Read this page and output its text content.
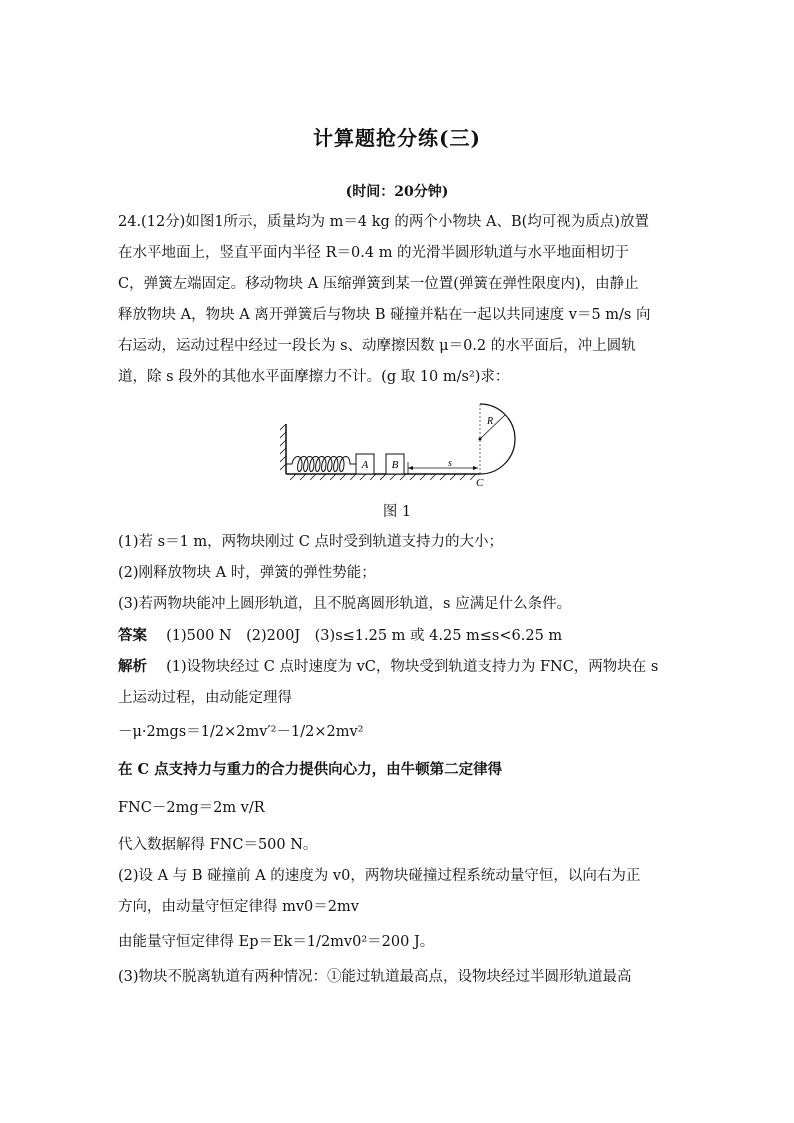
计算题抢分练(三)
(时间：20分钟)
24.(12分)如图1所示，质量均为 m＝4 kg 的两个小物块 A、B(均可视为质点)放置
在水平地面上，竖直平面内半径 R＝0.4 m 的光滑半圆形轨道与水平地面相切于
C，弹簧左端固定。移动物块 A 压缩弹簧到某一位置(弹簧在弹性限度内)，由静止
释放物块 A，物块 A 离开弹簧后与物块 B 碰撞并粘在一起以共同速度 v＝5 m/s 向
右运动，运动过程中经过一段长为 s、动摩擦因数 μ＝0.2 的水平面后，冲上圆轨
道，除 s 段外的其他水平面摩擦力不计。(g 取 10 m/s²)求：
A B	s
R
C
图 1
(1)若 s＝1 m，两物块刚过 C 点时受到轨道支持力的大小；
(2)刚释放物块 A 时，弹簧的弹性势能；
(3)若两物块能冲上圆形轨道，且不脱离圆形轨道，s 应满足什么条件。
答案　 (1)500 N　(2)200J　(3)s≤1.25 m 或 4.25 m≤s<6.25 m
解析　 (1)设物块经过 C 点时速度为 vC，物块受到轨道支持力为 FNC，两物块在 s
上运动过程，由动能定理得
－μ·2mgs＝1/2×2mv′²－1/2×2mv²
在 C 点支持力与重力的合力提供向心力，由牛顿第二定律得
FNC－2mg＝2m v/R
代入数据解得 FNC＝500 N。
(2)设 A 与 B 碰撞前 A 的速度为 v0，两物块碰撞过程系统动量守恒，以向右为正
方向，由动量守恒定律得 mv0＝2mv
由能量守恒定律得 Ep＝Ek＝1/2mv0²＝200 J。
(3)物块不脱离轨道有两种情况：①能过轨道最高点，设物块经过半圆形轨道最高
